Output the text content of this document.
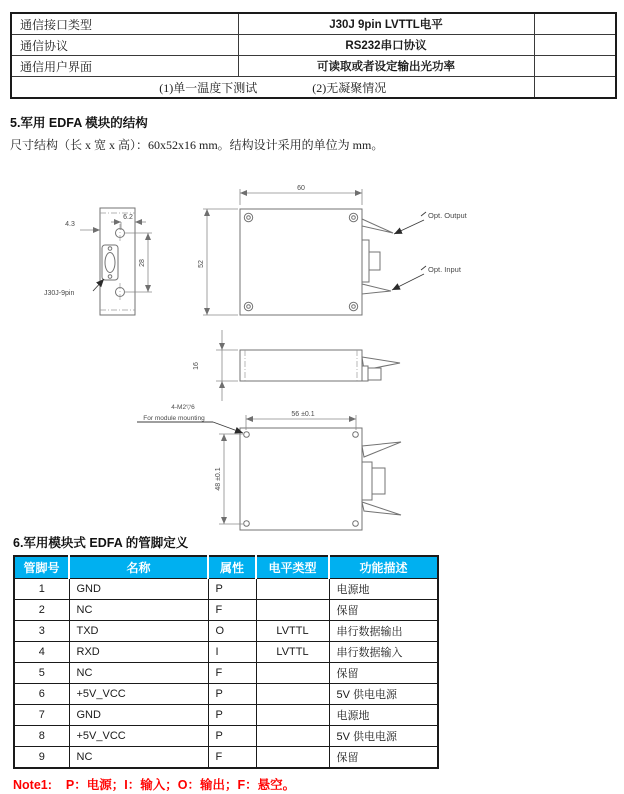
通信接口类型	J30J 9pin LVTTL电平	
通信协议	RS232串口协议	
通信用户界面	可读取或者设定输出光功率	
(1)单一温度下测试 (2)无凝聚情况		
5.军用 EDFA 模块的结构
尺寸结构（长 x 宽 x 高）：60x52x16 mm。结构设计采用的单位为 mm。
6.2
4.3
28
J30J-9pin
60
52
Opt. Output
Opt. Input
16
56 ±0.1
48 ±0.1
4-M2▽6
For module mounting
6.军用模块式 EDFA 的管脚定义
管脚号	名称	属性	电平类型	功能描述
1	GND	P		电源地
2	NC	F		保留
3	TXD	O	LVTTL	串行数据输出
4	RXD	I	LVTTL	串行数据输入
5	NC	F		保留
6	+5V_VCC	P		5V 供电电源
7	GND	P		电源地
8	+5V_VCC	P		5V 供电电源
9	NC	F		保留
Note1: P：电源；I：输入；O：输出；F：悬空。
